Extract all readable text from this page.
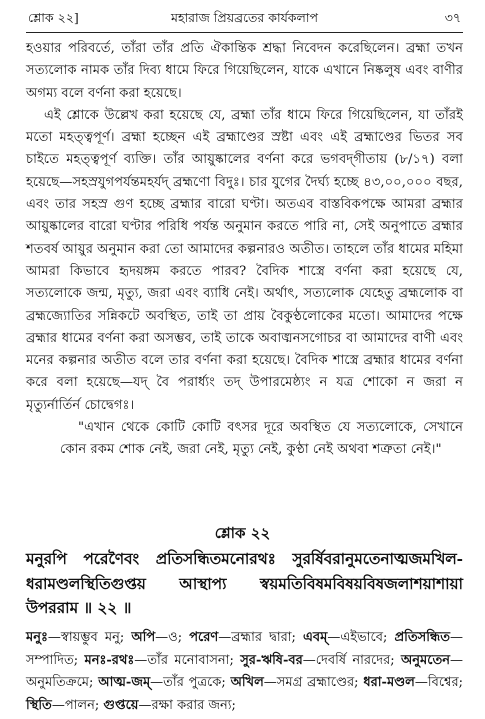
শ্লোক ২২]	মহারাজ প্রিয়ব্রতের কার্যকলাপ	৩৭

হওয়ার পরিবর্তে, তাঁরা তাঁর প্রতি ঐকান্তিক শ্রদ্ধা নিবেদন করেছিলেন। ব্রহ্মা তখন সত্যলোক নামক তাঁর দিব্য ধামে ফিরে গিয়েছিলেন, যাকে এখানে নিষ্কলুষ এবং বাণীর অগম্য বলে বর্ণনা করা হয়েছে।

এই শ্লোকে উল্লেখ করা হয়েছে যে, ব্রহ্মা তাঁর ধামে ফিরে গিয়েছিলেন, যা তাঁরই মতো মহত্ত্বপূর্ণ। ব্রহ্মা হচ্ছেন এই ব্রহ্মাণ্ডের স্রষ্টা এবং এই ব্রহ্মাণ্ডের ভিতর সব চাইতে মহত্ত্বপূর্ণ ব্যক্তি। তাঁর আয়ুষ্কালের বর্ণনা করে ভগবদ্‌গীতায় (৮/১৭) বলা হয়েছে—সহস্রযুগপর্যন্তমহর্যদ্ ব্রহ্মণো বিদুঃ। চার যুগের দৈর্ঘ্য হচ্ছে ৪৩,০০,০০০ বছর, এবং তার সহস্র গুণ হচ্ছে ব্রহ্মার বারো ঘণ্টা। অতএব বাস্তবিকপক্ষে আমরা ব্রহ্মার আয়ুষ্কালের বারো ঘণ্টার পরিধি পর্যন্ত অনুমান করতে পারি না, সেই অনুপাতে ব্রহ্মার শতবর্ষ আয়ুর অনুমান করা তো আমাদের কল্পনারও অতীত। তাহলে তাঁর ধামের মহিমা আমরা কিভাবে হৃদয়ঙ্গম করতে পারব? বৈদিক শাস্ত্রে বর্ণনা করা হয়েছে যে, সত্যলোকে জন্ম, মৃত্যু, জরা এবং ব্যাধি নেই। অর্থাৎ, সত্যলোক যেহেতু ব্রহ্মলোক বা ব্রহ্মজ্যোতির সন্নিকটে অবস্থিত, তাই তা প্রায় বৈকুণ্ঠলোকের মতো। আমাদের পক্ষে ব্রহ্মার ধামের বর্ণনা করা অসম্ভব, তাই তাকে অবাঙ্মনসগোচর বা আমাদের বাণী এবং মনের কল্পনার অতীত বলে তার বর্ণনা করা হয়েছে। বৈদিক শাস্ত্রে ব্রহ্মার ধামের বর্ণনা করে বলা হয়েছে—যদ্ বৈ পরার্ধ্যং তদ্ উপারমেষ্ঠ্যং ন যত্র শোকো ন জরা ন মৃত্যুর্নার্তির্ন চোদ্বেগঃ।

"এখান থেকে কোটি কোটি বৎসর দূরে অবস্থিত যে সত্যলোকে, সেখানে কোন রকম শোক নেই, জরা নেই, মৃত্যু নেই, কুণ্ঠা নেই অথবা শত্রুতা নেই।"

শ্লোক ২২
মনুরপি পরেণৈবং প্রতিসন্ধিতমনোরথঃ সুরর্ষিবরানুমতেনাত্মজমখিল-ধরামণ্ডলস্থিতিগুপ্তয় আস্থাপ্য স্বয়মতিবিষমবিষয়বিষজলাশয়াশায়া উপররাম ॥ ২২ ॥
মনুঃ—স্বায়ম্ভুব মনু; অপি—ও; পরেণ—ব্রহ্মার দ্বারা; এবম্—এইভাবে; প্রতিসন্ধিত—সম্পাদিত; মনঃ-রথঃ—তাঁর মনোবাসনা; সুর-ঋষি-বর—দেবর্ষি নারদের; অনুমতেন—অনুমতিক্রমে; আত্ম-জম্—তাঁর পুত্রকে; অখিল—সমগ্র ব্রহ্মাণ্ডের; ধরা-মণ্ডল—বিশ্বের; স্থিতি—পালন; গুপ্তয়ে—রক্ষা করার জন্য;
